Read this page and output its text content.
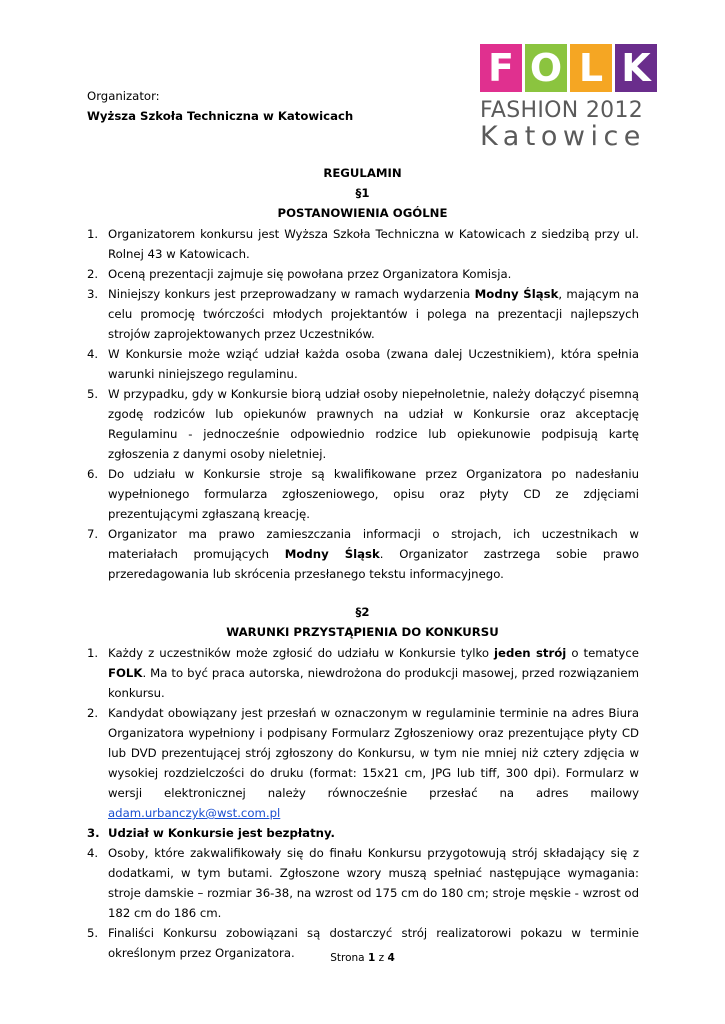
Organizator:
Wyższa Szkoła Techniczna w Katowicach
F O L K
FASHION 2012
Katowice
REGULAMIN
§1
POSTANOWIENIA OGÓLNE
1. Organizatorem konkursu jest Wyższa Szkoła Techniczna w Katowicach z siedzibą przy ul. Rolnej 43 w Katowicach.
2. Oceną prezentacji zajmuje się powołana przez Organizatora Komisja.
3. Niniejszy konkurs jest przeprowadzany w ramach wydarzenia Modny Śląsk, mającym na celu promocję twórczości młodych projektantów i polega na prezentacji najlepszych strojów zaprojektowanych przez Uczestników.
4. W Konkursie może wziąć udział każda osoba (zwana dalej Uczestnikiem), która spełnia warunki niniejszego regulaminu.
5. W przypadku, gdy w Konkursie biorą udział osoby niepełnoletnie, należy dołączyć pisemną zgodę rodziców lub opiekunów prawnych na udział w Konkursie oraz akceptację Regulaminu - jednocześnie odpowiednio rodzice lub opiekunowie podpisują kartę zgłoszenia z danymi osoby nieletniej.
6. Do udziału w Konkursie stroje są kwalifikowane przez Organizatora po nadesłaniu wypełnionego formularza zgłoszeniowego, opisu oraz płyty CD ze zdjęciami prezentującymi zgłaszaną kreację.
7. Organizator ma prawo zamieszczania informacji o strojach, ich uczestnikach w materiałach promujących Modny Śląsk. Organizator zastrzega sobie prawo przeredagowania lub skrócenia przesłanego tekstu informacyjnego.
§2
WARUNKI PRZYSTĄPIENIA DO KONKURSU
1. Każdy z uczestników może zgłosić do udziału w Konkursie tylko jeden strój o tematyce FOLK. Ma to być praca autorska, niewdrożona do produkcji masowej, przed rozwiązaniem konkursu.
2. Kandydat obowiązany jest przesłań w oznaczonym w regulaminie terminie na adres Biura Organizatora wypełniony i podpisany Formularz Zgłoszeniowy oraz prezentujące płyty CD lub DVD prezentującej strój zgłoszony do Konkursu, w tym nie mniej niż cztery zdjęcia w wysokiej rozdzielczości do druku (format: 15x21 cm, JPG lub tiff, 300 dpi). Formularz w wersji elektronicznej należy równocześnie przesłać na adres mailowy adam.urbanczyk@wst.com.pl
3. Udział w Konkursie jest bezpłatny.
4. Osoby, które zakwalifikowały się do finału Konkursu przygotowują strój składający się z dodatkami, w tym butami. Zgłoszone wzory muszą spełniać następujące wymagania: stroje damskie – rozmiar 36-38, na wzrost od 175 cm do 180 cm; stroje męskie - wzrost od 182 cm do 186 cm.
5. Finaliści Konkursu zobowiązani są dostarczyć strój realizatorowi pokazu w terminie określonym przez Organizatora.	Strona 1 z 4
